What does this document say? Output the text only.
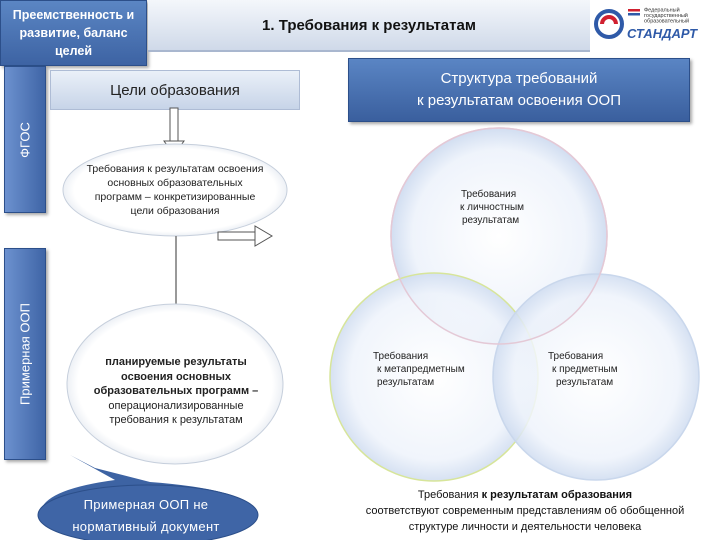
Преемственность и
развитие, баланс
целей
1. Требования к результатам
Федеральный
государственный
образовательный
СТАНДАРТ
ФГОС
Примерная ООП
Цели образования
Структура требований
к результатам освоения ООП
Требования к результатам освоения
основных образовательных
программ – конкретизированные
цели образования
планируемые результаты
освоения основных
образовательных программ –
операционализированные
требования к результатам
Примерная ООП не
нормативный документ
Требования
к личностным
результатам
Требования
к метапредметным
результатам
Требования
к предметным
результатам
Требования к результатам образования
соответствуют современным представлениям об обобщенной
структуре личности и деятельности человека
